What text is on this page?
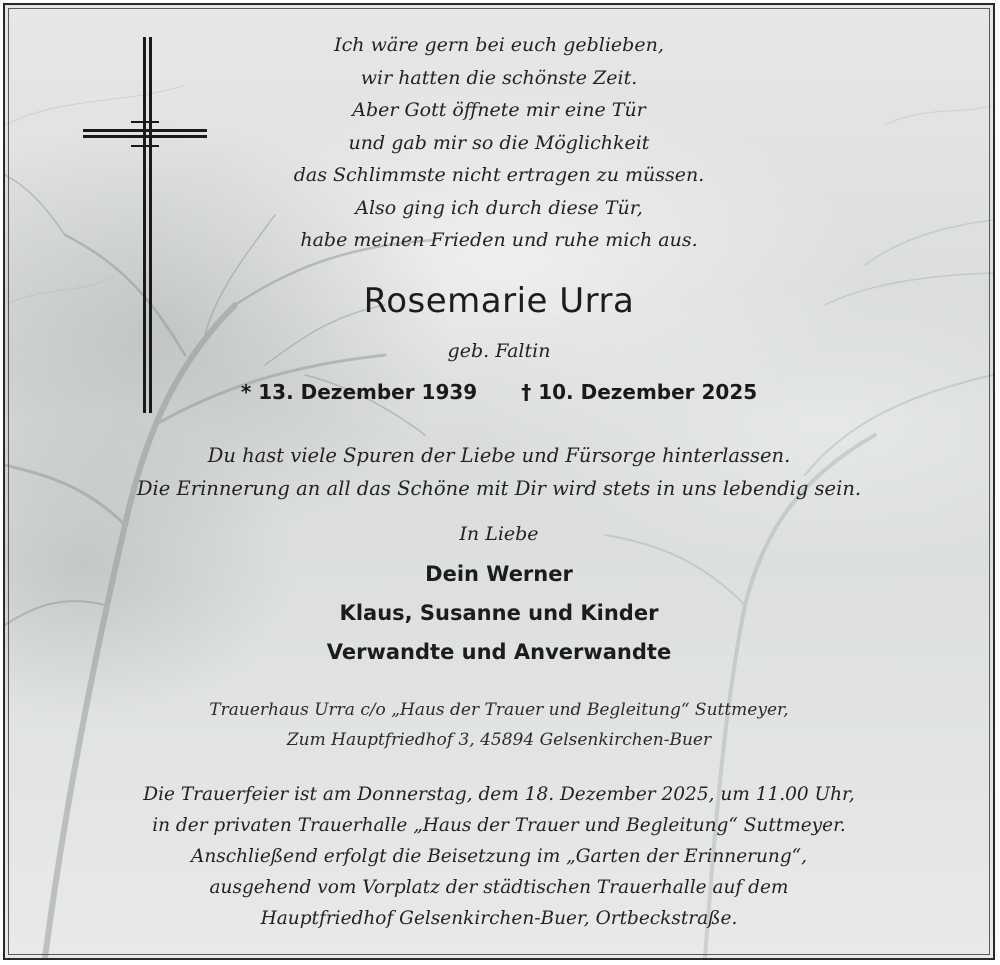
Ich wäre gern bei euch geblieben,
wir hatten die schönste Zeit.
Aber Gott öffnete mir eine Tür
und gab mir so die Möglichkeit
das Schlimmste nicht ertragen zu müssen.
Also ging ich durch diese Tür,
habe meinen Frieden und ruhe mich aus.
Rosemarie Urra
geb. Faltin
* 13. Dezember 1939 † 10. Dezember 2025
Du hast viele Spuren der Liebe und Fürsorge hinterlassen.
Die Erinnerung an all das Schöne mit Dir wird stets in uns lebendig sein.
In Liebe
Dein Werner
Klaus, Susanne und Kinder
Verwandte und Anverwandte
Trauerhaus Urra c/o „Haus der Trauer und Begleitung“ Suttmeyer,
Zum Hauptfriedhof 3, 45894 Gelsenkirchen-Buer
Die Trauerfeier ist am Donnerstag, dem 18. Dezember 2025, um 11.00 Uhr,
in der privaten Trauerhalle „Haus der Trauer und Begleitung“ Suttmeyer.
Anschließend erfolgt die Beisetzung im „Garten der Erinnerung“,
ausgehend vom Vorplatz der städtischen Trauerhalle auf dem
Hauptfriedhof Gelsenkirchen-Buer, Ortbeckstraße.
